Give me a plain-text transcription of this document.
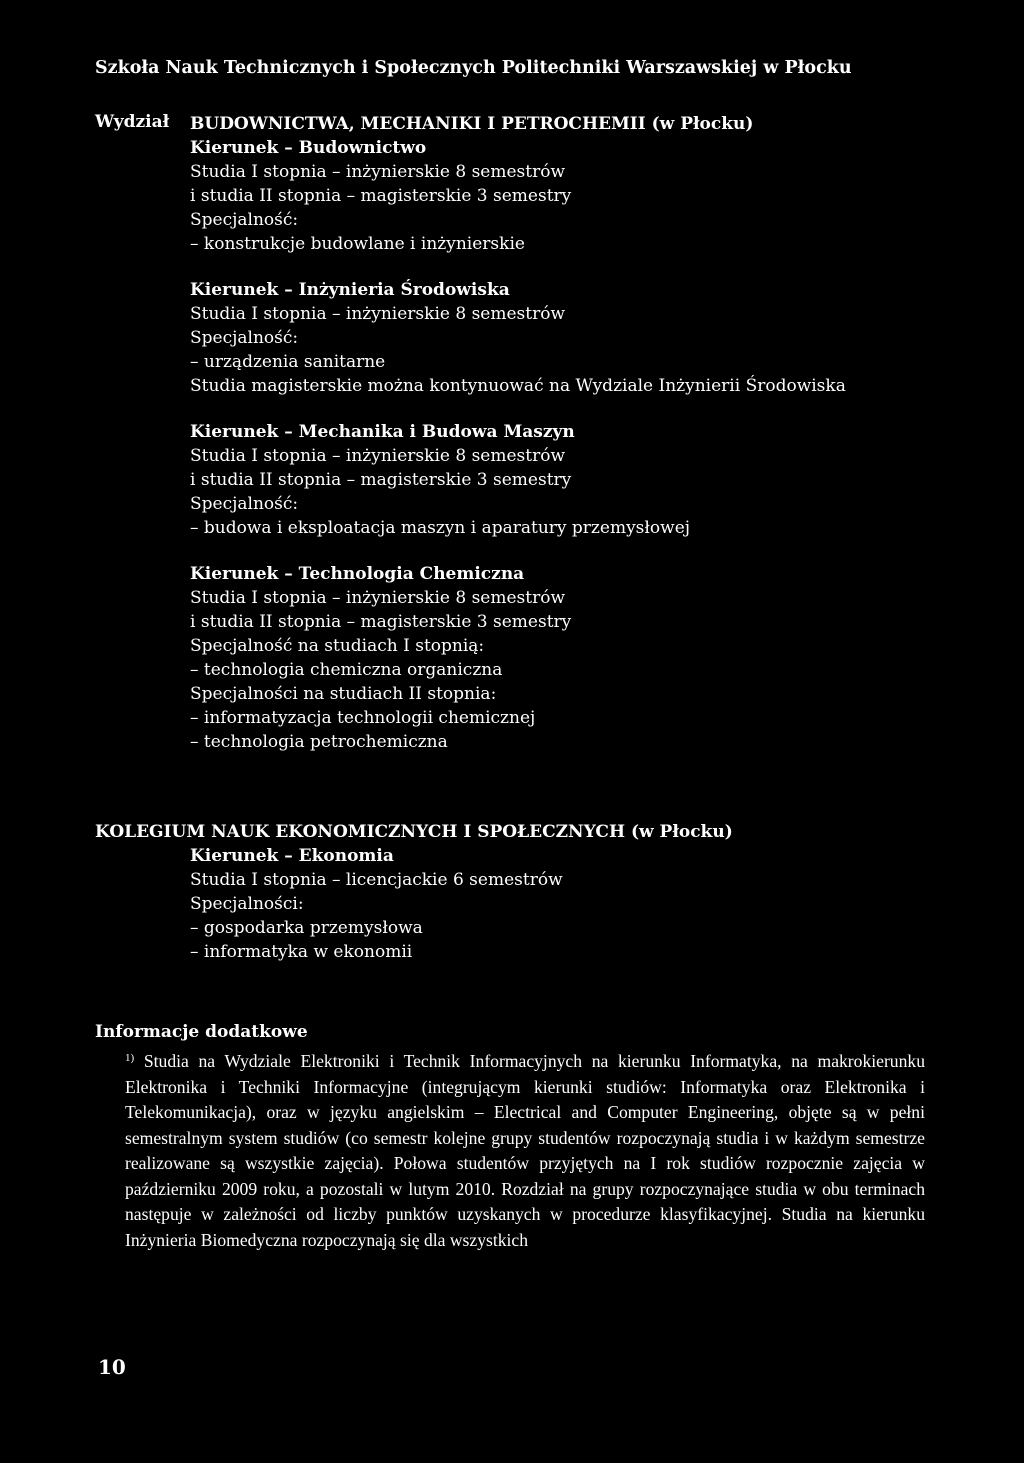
Szkoła Nauk Technicznych i Społecznych Politechniki Warszawskiej w Płocku
Wydział BUDOWNICTWA, MECHANIKI I PETROCHEMII (w Płocku)
Kierunek – Budownictwo
Studia I stopnia – inżynierskie 8 semestrów
i studia II stopnia – magisterskie 3 semestry
Specjalność:
– konstrukcje budowlane i inżynierskie
Kierunek – Inżynieria Środowiska
Studia I stopnia – inżynierskie 8 semestrów
Specjalność:
– urządzenia sanitarne
Studia magisterskie można kontynuować na Wydziale Inżynierii Środowiska
Kierunek – Mechanika i Budowa Maszyn
Studia I stopnia – inżynierskie 8 semestrów
i studia II stopnia – magisterskie 3 semestry
Specjalność:
– budowa i eksploatacja maszyn i aparatury przemysłowej
Kierunek – Technologia Chemiczna
Studia I stopnia – inżynierskie 8 semestrów
i studia II stopnia – magisterskie 3 semestry
Specjalność na studiach I stopnią:
– technologia chemiczna organiczna
Specjalności na studiach II stopnia:
– informatyzacja technologii chemicznej
– technologia petrochemiczna
KOLEGIUM NAUK EKONOMICZNYCH I SPOŁECZNYCH (w Płocku)
Kierunek – Ekonomia
Studia I stopnia – licencjackie 6 semestrów
Specjalności:
– gospodarka przemysłowa
– informatyka w ekonomii
Informacje dodatkowe
$^{1)}$ Studia na Wydziale Elektroniki i Technik Informacyjnych na kierunku Informatyka, na makrokierunku Elektronika i Techniki Informacyjne (integrującym kierunki studiów: Informatyka oraz Elektronika i Telekomunikacja), oraz w języku angielskim – Electrical and Computer Engineering, objęte są w pełni semestralnym system studiów (co semestr kolejne grupy studentów rozpoczynają studia i w każdym semestrze realizowane są wszystkie zajęcia). Połowa studentów przyjętych na I rok studiów rozpocznie zajęcia w październiku 2009 roku, a pozostali w lutym 2010. Rozdział na grupy rozpoczynające studia w obu terminach następuje w zależności od liczby punktów uzyskanych w procedurze klasyfikacyjnej. Studia na kierunku Inżynieria Biomedyczna rozpoczynają się dla wszystkich
10
